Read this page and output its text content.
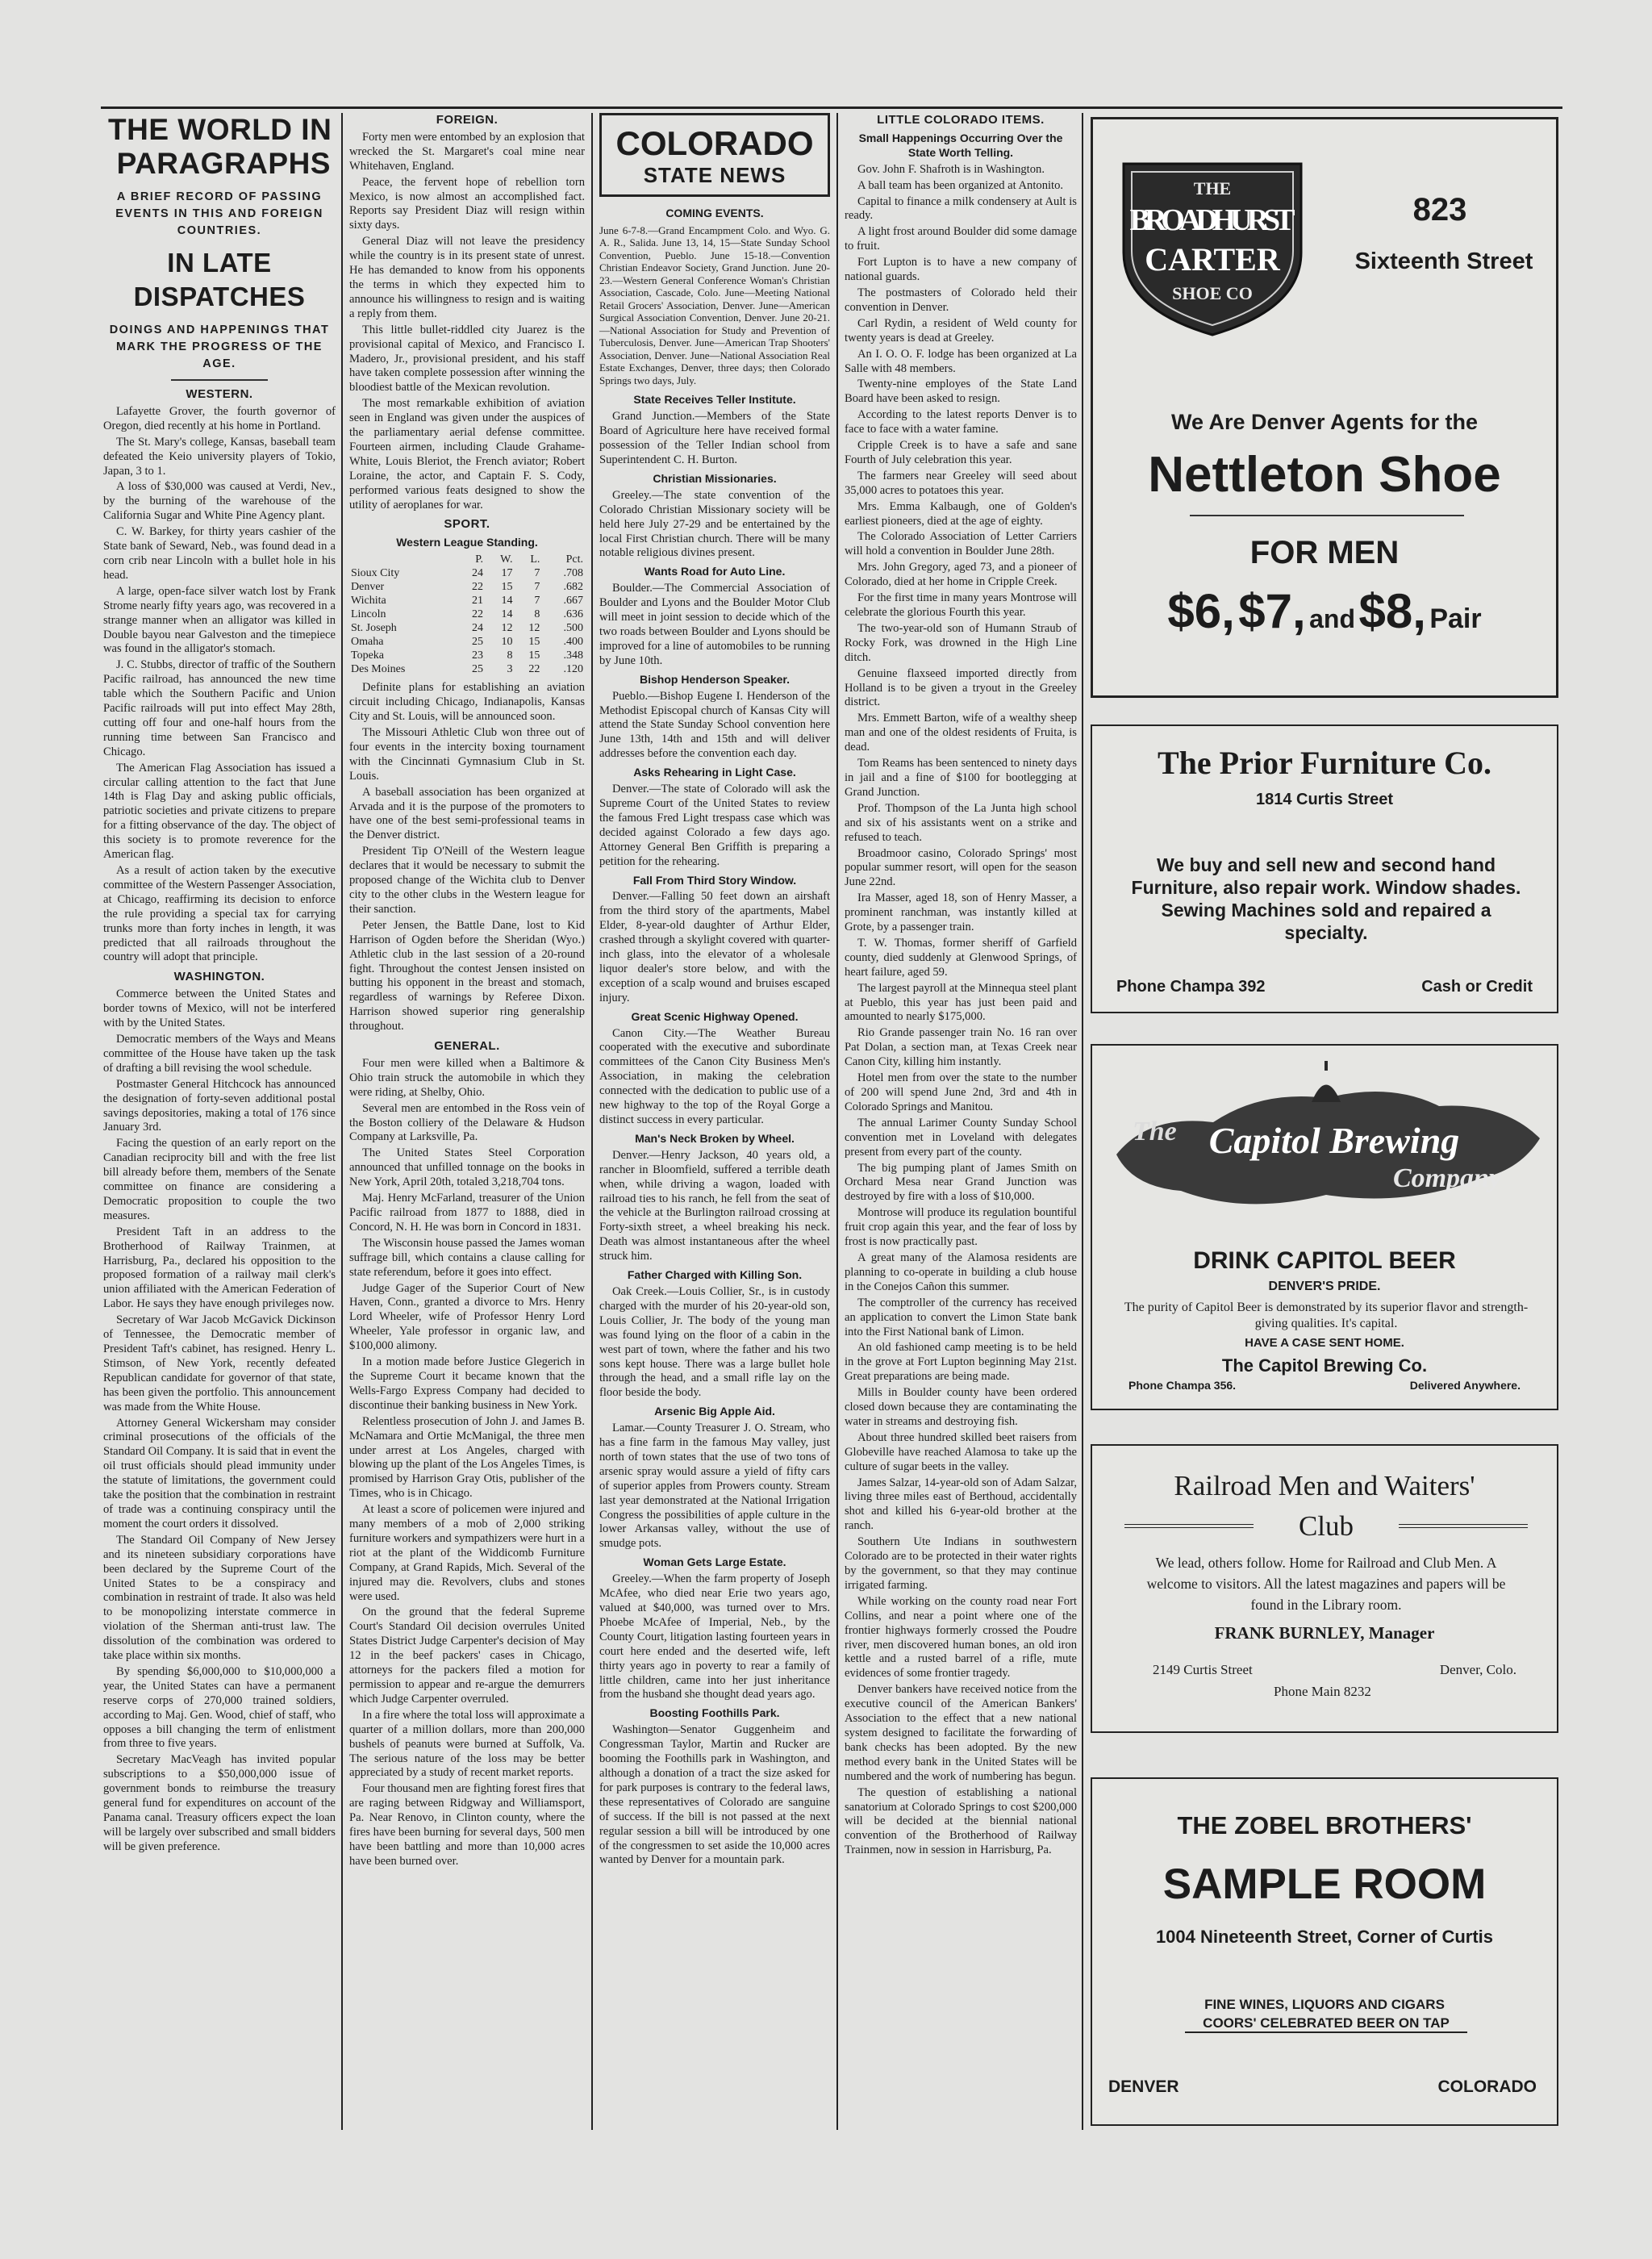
THE WORLD IN
PARAGRAPHS
A BRIEF RECORD OF PASSING EVENTS IN THIS AND FOREIGN COUNTRIES.
IN LATE DISPATCHES
DOINGS AND HAPPENINGS THAT MARK THE PROGRESS OF THE AGE.
WESTERN.

Lafayette Grover, the fourth governor of Oregon, died recently at his home in Portland.

The St. Mary's college, Kansas, baseball team defeated the Keio university players of Tokio, Japan, 3 to 1.

A loss of $30,000 was caused at Verdi, Nev., by the burning of the warehouse of the California Sugar and White Pine Agency plant.

C. W. Barkey, for thirty years cashier of the State bank of Seward, Neb., was found dead in a corn crib near Lincoln with a bullet hole in his head.

A large, open-face silver watch lost by Frank Strome nearly fifty years ago, was recovered in a strange manner when an alligator was killed in Double bayou near Galveston and the timepiece was found in the alligator's stomach.

J. C. Stubbs, director of traffic of the Southern Pacific railroad, has announced the new time table which the Southern Pacific and Union Pacific railroads will put into effect May 28th, cutting off four and one-half hours from the running time between San Francisco and Chicago.

The American Flag Association has issued a circular calling attention to the fact that June 14th is Flag Day and asking public officials, patriotic societies and private citizens to prepare for a fitting observance of the day. The object of this society is to promote reverence for the American flag.

As a result of action taken by the executive committee of the Western Passenger Association, at Chicago, reaffirming its decision to enforce the rule providing a special tax for carrying trunks more than forty inches in length, it was predicted that all railroads throughout the country will adopt that principle.

WASHINGTON.

Commerce between the United States and border towns of Mexico, will not be interfered with by the United States.

Democratic members of the Ways and Means committee of the House have taken up the task of drafting a bill revising the wool schedule.

Postmaster General Hitchcock has announced the designation of forty-seven additional postal savings depositories, making a total of 176 since January 3rd.

Facing the question of an early report on the Canadian reciprocity bill and with the free list bill already before them, members of the Senate committee on finance are considering a Democratic proposition to couple the two measures.

President Taft in an address to the Brotherhood of Railway Trainmen, at Harrisburg, Pa., declared his opposition to the proposed formation of a railway mail clerk's union affiliated with the American Federation of Labor. He says they have enough privileges now.

Secretary of War Jacob McGavick Dickinson of Tennessee, the Democratic member of President Taft's cabinet, has resigned. Henry L. Stimson, of New York, recently defeated Republican candidate for governor of that state, has been given the portfolio. This announcement was made from the White House.

Attorney General Wickersham may consider criminal prosecutions of the officials of the Standard Oil Company. It is said that in event the oil trust officials should plead immunity under the statute of limitations, the government could take the position that the combination in restraint of trade was a continuing conspiracy until the moment the court orders it dissolved.

The Standard Oil Company of New Jersey and its nineteen subsidiary corporations have been declared by the Supreme Court of the United States to be a conspiracy and combination in restraint of trade. It also was held to be monopolizing interstate commerce in violation of the Sherman anti-trust law. The dissolution of the combination was ordered to take place within six months.

By spending $6,000,000 to $10,000,000 a year, the United States can have a permanent reserve corps of 270,000 trained soldiers, according to Maj. Gen. Wood, chief of staff, who opposes a bill changing the term of enlistment from three to five years.

Secretary MacVeagh has invited popular subscriptions to a $50,000,000 issue of government bonds to reimburse the treasury general fund for expenditures on account of the Panama canal. Treasury officers expect the loan will be largely over subscribed and small bidders will be given preference.

FOREIGN.

Forty men were entombed by an explosion that wrecked the St. Margaret's coal mine near Whitehaven, England.

Peace, the fervent hope of rebellion torn Mexico, is now almost an accomplished fact. Reports say President Diaz will resign within sixty days.

General Diaz will not leave the presidency while the country is in its present state of unrest. He has demanded to know from his opponents the terms in which they expected him to announce his willingness to resign and is waiting a reply from them.

This little bullet-riddled city Juarez is the provisional capital of Mexico, and Francisco I. Madero, Jr., provisional president, and his staff have taken complete possession after winning the bloodiest battle of the Mexican revolution.

The most remarkable exhibition of aviation seen in England was given under the auspices of the parliamentary aerial defense committee. Fourteen airmen, including Claude Grahame-White, Louis Bleriot, the French aviator; Robert Loraine, the actor, and Captain F. S. Cody, performed various feats designed to show the utility of aeroplanes for war.

SPORT.
Western League Standing.
	P.	W.	L.	Pct.
Sioux City	24	17	7	.708
Denver	22	15	7	.682
Wichita	21	14	7	.667
Lincoln	22	14	8	.636
St. Joseph	24	12	12	.500
Omaha	25	10	15	.400
Topeka	23	8	15	.348
Des Moines	25	3	22	.120

Definite plans for establishing an aviation circuit including Chicago, Indianapolis, Kansas City and St. Louis, will be announced soon.

The Missouri Athletic Club won three out of four events in the intercity boxing tournament with the Cincinnati Gymnasium Club in St. Louis.

A baseball association has been organized at Arvada and it is the purpose of the promoters to have one of the best semi-professional teams in the Denver district.

President Tip O'Neill of the Western league declares that it would be necessary to submit the proposed change of the Wichita club to Denver city to the other clubs in the Western league for their sanction.

Peter Jensen, the Battle Dane, lost to Kid Harrison of Ogden before the Sheridan (Wyo.) Athletic club in the last session of a 20-round fight. Throughout the contest Jensen insisted on butting his opponent in the breast and stomach, regardless of warnings by Referee Dixon. Harrison showed superior ring generalship throughout.

GENERAL.

Four men were killed when a Baltimore & Ohio train struck the automobile in which they were riding, at Shelby, Ohio.

Several men are entombed in the Ross vein of the Boston colliery of the Delaware & Hudson Company at Larksville, Pa.

The United States Steel Corporation announced that unfilled tonnage on the books in New York, April 20th, totaled 3,218,704 tons.

Maj. Henry McFarland, treasurer of the Union Pacific railroad from 1877 to 1888, died in Concord, N. H. He was born in Concord in 1831.

The Wisconsin house passed the James woman suffrage bill, which contains a clause calling for state referendum, before it goes into effect.

Judge Gager of the Superior Court of New Haven, Conn., granted a divorce to Mrs. Henry Lord Wheeler, wife of Professor Henry Lord Wheeler, Yale professor in organic law, and $100,000 alimony.

In a motion made before Justice Glegerich in the Supreme Court it became known that the Wells-Fargo Express Company had decided to discontinue their banking business in New York.

Relentless prosecution of John J. and James B. McNamara and Ortie McManigal, the three men under arrest at Los Angeles, charged with blowing up the plant of the Los Angeles Times, is promised by Harrison Gray Otis, publisher of the Times, who is in Chicago.

At least a score of policemen were injured and many members of a mob of 2,000 striking furniture workers and sympathizers were hurt in a riot at the plant of the Widdicomb Furniture Company, at Grand Rapids, Mich. Several of the injured may die. Revolvers, clubs and stones were used.

On the ground that the federal Supreme Court's Standard Oil decision overrules United States District Judge Carpenter's decision of May 12 in the beef packers' cases in Chicago, attorneys for the packers filed a motion for permission to appear and re-argue the demurrers which Judge Carpenter overruled.

In a fire where the total loss will approximate a quarter of a million dollars, more than 200,000 bushels of peanuts were burned at Suffolk, Va. The serious nature of the loss may be better appreciated by a study of recent market reports.

Four thousand men are fighting forest fires that are raging between Ridgway and Williamsport, Pa. Near Renovo, in Clinton county, where the fires have been burning for several days, 500 men have been battling and more than 10,000 acres have been burned over.

COLORADO
STATE NEWS
COMING EVENTS.
June 6-7-8.—Grand Encampment Colo. and Wyo. G. A. R., Salida. June 13, 14, 15—State Sunday School Convention, Pueblo. June 15-18.—Convention Christian Endeavor Society, Grand Junction. June 20-23.—Western General Conference Woman's Christian Association, Cascade, Colo. June—Meeting National Retail Grocers' Association, Denver. June—American Surgical Association Convention, Denver. June 20-21.—National Association for Study and Prevention of Tuberculosis, Denver. June—American Trap Shooters' Association, Denver. June—National Association Real Estate Exchanges, Denver, three days; then Colorado Springs two days, July.
State Receives Teller Institute.

Grand Junction.—Members of the State Board of Agriculture here have received formal possession of the Teller Indian school from Superintendent C. H. Burton.

Christian Missionaries.

Greeley.—The state convention of the Colorado Christian Missionary society will be held here July 27-29 and be entertained by the local First Christian church. There will be many notable religious divines present.

Wants Road for Auto Line.

Boulder.—The Commercial Association of Boulder and Lyons and the Boulder Motor Club will meet in joint session to decide which of the two roads between Boulder and Lyons should be improved for a line of automobiles to be running by June 10th.

Bishop Henderson Speaker.

Pueblo.—Bishop Eugene I. Henderson of the Methodist Episcopal church of Kansas City will attend the State Sunday School convention here June 13th, 14th and 15th and will deliver addresses before the convention each day.

Asks Rehearing in Light Case.

Denver.—The state of Colorado will ask the Supreme Court of the United States to review the famous Fred Light trespass case which was decided against Colorado a few days ago. Attorney General Ben Griffith is preparing a petition for the rehearing.

Fall From Third Story Window.

Denver.—Falling 50 feet down an airshaft from the third story of the apartments, Mabel Elder, 8-year-old daughter of Arthur Elder, crashed through a skylight covered with quarter-inch glass, into the elevator of a wholesale liquor dealer's store below, and with the exception of a scalp wound and bruises escaped injury.

Great Scenic Highway Opened.

Canon City.—The Weather Bureau cooperated with the executive and subordinate committees of the Canon City Business Men's Association, in making the celebration connected with the dedication to public use of a new highway to the top of the Royal Gorge a distinct success in every particular.

Man's Neck Broken by Wheel.

Denver.—Henry Jackson, 40 years old, a rancher in Bloomfield, suffered a terrible death when, while driving a wagon, loaded with railroad ties to his ranch, he fell from the seat of the vehicle at the Burlington railroad crossing at Forty-sixth street, a wheel breaking his neck. Death was almost instantaneous after the wheel struck him.

Father Charged with Killing Son.

Oak Creek.—Louis Collier, Sr., is in custody charged with the murder of his 20-year-old son, Louis Collier, Jr. The body of the young man was found lying on the floor of a cabin in the west part of town, where the father and his two sons kept house. There was a large bullet hole through the head, and a small rifle lay on the floor beside the body.

Arsenic Big Apple Aid.

Lamar.—County Treasurer J. O. Stream, who has a fine farm in the famous May valley, just north of town states that the use of two tons of arsenic spray would assure a yield of fifty cars of superior apples from Prowers county. Stream last year demonstrated at the National Irrigation Congress the possibilities of apple culture in the lower Arkansas valley, without the use of smudge pots.

Woman Gets Large Estate.

Greeley.—When the farm property of Joseph McAfee, who died near Erie two years ago, valued at $40,000, was turned over to Mrs. Phoebe McAfee of Imperial, Neb., by the County Court, litigation lasting fourteen years in court here ended and the deserted wife, left thirty years ago in poverty to rear a family of little children, came into her just inheritance from the husband she thought dead years ago.

Boosting Foothills Park.

Washington—Senator Guggenheim and Congressman Taylor, Martin and Rucker are booming the Foothills park in Washington, and although a donation of a tract the size asked for for park purposes is contrary to the federal laws, these representatives of Colorado are sanguine of success. If the bill is not passed at the next regular session a bill will be introduced by one of the congressmen to set aside the 10,000 acres wanted by Denver for a mountain park.

LITTLE COLORADO ITEMS.
Small Happenings Occurring Over the State Worth Telling.

Gov. John F. Shafroth is in Washington.

A ball team has been organized at Antonito.

Capital to finance a milk condensery at Ault is ready.

A light frost around Boulder did some damage to fruit.

Fort Lupton is to have a new company of national guards.

The postmasters of Colorado held their convention in Denver.

Carl Rydin, a resident of Weld county for twenty years is dead at Greeley.

An I. O. O. F. lodge has been organized at La Salle with 48 members.

Twenty-nine employes of the State Land Board have been asked to resign.

According to the latest reports Denver is to face to face with a water famine.

Cripple Creek is to have a safe and sane Fourth of July celebration this year.

The farmers near Greeley will seed about 35,000 acres to potatoes this year.

Mrs. Emma Kalbaugh, one of Golden's earliest pioneers, died at the age of eighty.

The Colorado Association of Letter Carriers will hold a convention in Boulder June 28th.

Mrs. John Gregory, aged 73, and a pioneer of Colorado, died at her home in Cripple Creek.

For the first time in many years Montrose will celebrate the glorious Fourth this year.

The two-year-old son of Humann Straub of Rocky Fork, was drowned in the High Line ditch.

Genuine flaxseed imported directly from Holland is to be given a tryout in the Greeley district.

Mrs. Emmett Barton, wife of a wealthy sheep man and one of the oldest residents of Fruita, is dead.

Tom Reams has been sentenced to ninety days in jail and a fine of $100 for bootlegging at Grand Junction.

Prof. Thompson of the La Junta high school and six of his assistants went on a strike and refused to teach.

Broadmoor casino, Colorado Springs' most popular summer resort, will open for the season June 22nd.

Ira Masser, aged 18, son of Henry Masser, a prominent ranchman, was instantly killed at Grote, by a passenger train.

T. W. Thomas, former sheriff of Garfield county, died suddenly at Glenwood Springs, of heart failure, aged 59.

The largest payroll at the Minnequa steel plant at Pueblo, this year has just been paid and amounted to nearly $175,000.

Rio Grande passenger train No. 16 ran over Pat Dolan, a section man, at Texas Creek near Canon City, killing him instantly.

Hotel men from over the state to the number of 200 will spend June 2nd, 3rd and 4th in Colorado Springs and Manitou.

The annual Larimer County Sunday School convention met in Loveland with delegates present from every part of the county.

The big pumping plant of James Smith on Orchard Mesa near Grand Junction was destroyed by fire with a loss of $10,000.

Montrose will produce its regulation bountiful fruit crop again this year, and the fear of loss by frost is now practically past.

A great many of the Alamosa residents are planning to co-operate in building a club house in the Conejos Cañon this summer.

The comptroller of the currency has received an application to convert the Limon State bank into the First National bank of Limon.

An old fashioned camp meeting is to be held in the grove at Fort Lupton beginning May 21st. Great preparations are being made.

Mills in Boulder county have been ordered closed down because they are contaminating the water in streams and destroying fish.

About three hundred skilled beet raisers from Globeville have reached Alamosa to take up the culture of sugar beets in the valley.

James Salzar, 14-year-old son of Adam Salzar, living three miles east of Berthoud, accidentally shot and killed his 6-year-old brother at the ranch.

Southern Ute Indians in southwestern Colorado are to be protected in their water rights by the government, so that they may continue irrigated farming.

While working on the county road near Fort Collins, and near a point where one of the frontier highways formerly crossed the Poudre river, men discovered human bones, an old iron kettle and a rusted barrel of a rifle, mute evidences of some frontier tragedy.

Denver bankers have received notice from the executive council of the American Bankers' Association to the effect that a new national system designed to facilitate the forwarding of bank checks has been adopted. By the new method every bank in the United States will be numbered and the work of numbering has begun.

The question of establishing a national sanatorium at Colorado Springs to cost $200,000 will be decided at the biennial national convention of the Brotherhood of Railway Trainmen, now in session in Harrisburg, Pa.

THE
BROADHURST
CARTER
SHOE CO
823
Sixteenth Street
We Are Denver Agents for the
Nettleton Shoe
FOR MEN
$6, $7, and $8, Pair
The Prior Furniture Co.
1814 Curtis Street
We buy and sell new and second hand Furniture, also repair work. Window shades. Sewing Machines sold and repaired a specialty.
Phone Champa 392	Cash or Credit
The Capitol Brewing
Company
DRINK CAPITOL BEER
DENVER'S PRIDE.
The purity of Capitol Beer is demonstrated by its superior flavor and strength-giving qualities. It's capital.
HAVE A CASE SENT HOME.
The Capitol Brewing Co.
Phone Champa 356.	Delivered Anywhere.
Railroad Men and Waiters'
Club
We lead, others follow. Home for Railroad and Club Men. A welcome to visitors. All the latest magazines and papers will be found in the Library room.
FRANK BURNLEY, Manager
2149 Curtis Street	Denver, Colo.
Phone Main 8232
THE ZOBEL BROTHERS'
SAMPLE ROOM
1004 Nineteenth Street, Corner of Curtis
FINE WINES, LIQUORS AND CIGARS
COORS' CELEBRATED BEER ON TAP
DENVER	COLORADO
